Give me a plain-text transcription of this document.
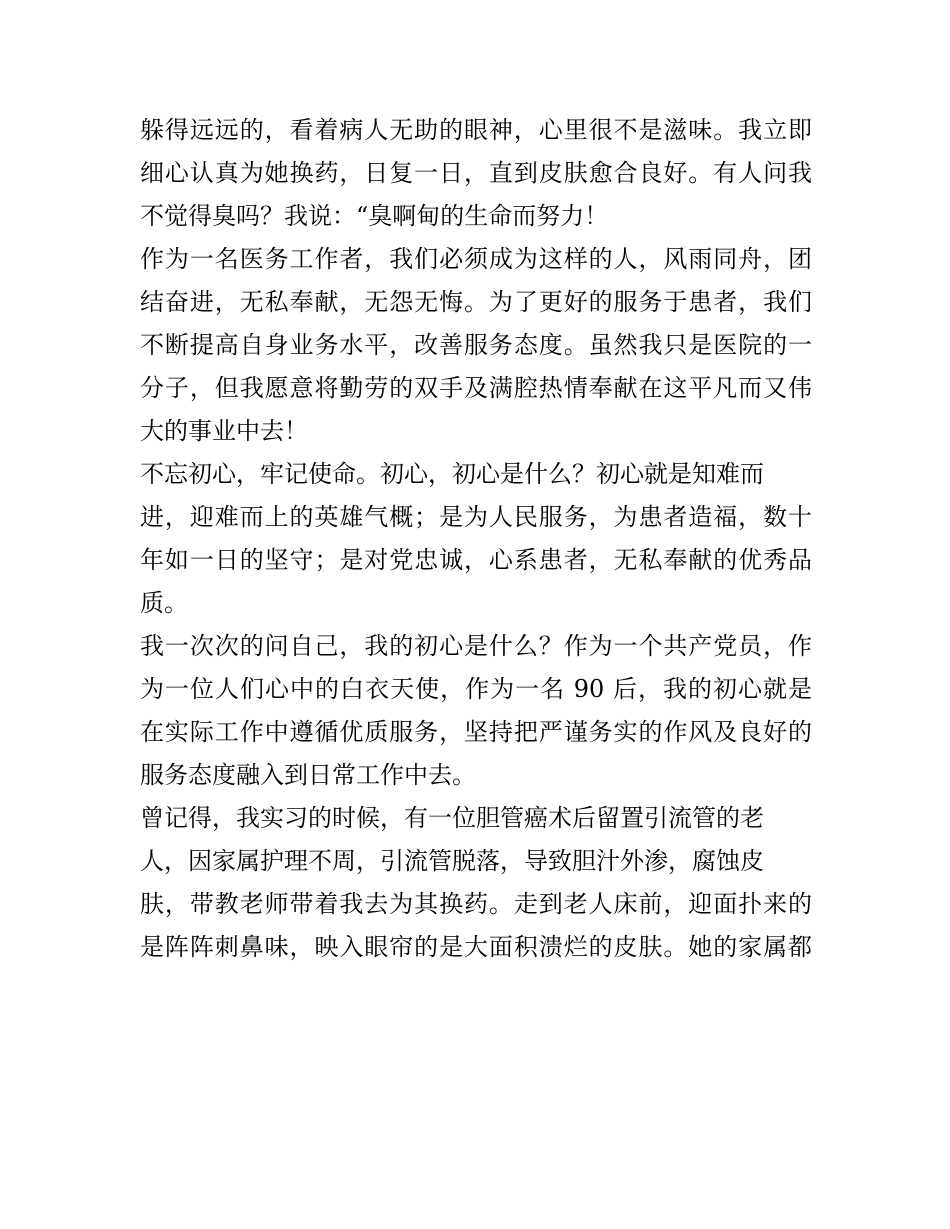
躲得远远的，看着病人无助的眼神，心里很不是滋味。我立即
细心认真为她换药，日复一日，直到皮肤愈合良好。有人问我
不觉得臭吗？我说：“臭啊甸的生命而努力！
作为一名医务工作者，我们必须成为这样的人，风雨同舟，团
结奋进，无私奉献，无怨无悔。为了更好的服务于患者，我们
不断提高自身业务水平，改善服务态度。虽然我只是医院的一
分子，但我愿意将勤劳的双手及满腔热情奉献在这平凡而又伟
大的事业中去！
不忘初心，牢记使命。初心，初心是什么？初心就是知难而
进，迎难而上的英雄气概；是为人民服务，为患者造福，数十
年如一日的坚守；是对党忠诚，心系患者，无私奉献的优秀品
质。
我一次次的问自己，我的初心是什么？作为一个共产党员，作
为一位人们心中的白衣天使，作为一名 90 后，我的初心就是
在实际工作中遵循优质服务，坚持把严谨务实的作风及良好的
服务态度融入到日常工作中去。
曾记得，我实习的时候，有一位胆管癌术后留置引流管的老
人，因家属护理不周，引流管脱落，导致胆汁外渗，腐蚀皮
肤，带教老师带着我去为其换药。走到老人床前，迎面扑来的
是阵阵刺鼻味，映入眼帘的是大面积溃烂的皮肤。她的家属都
